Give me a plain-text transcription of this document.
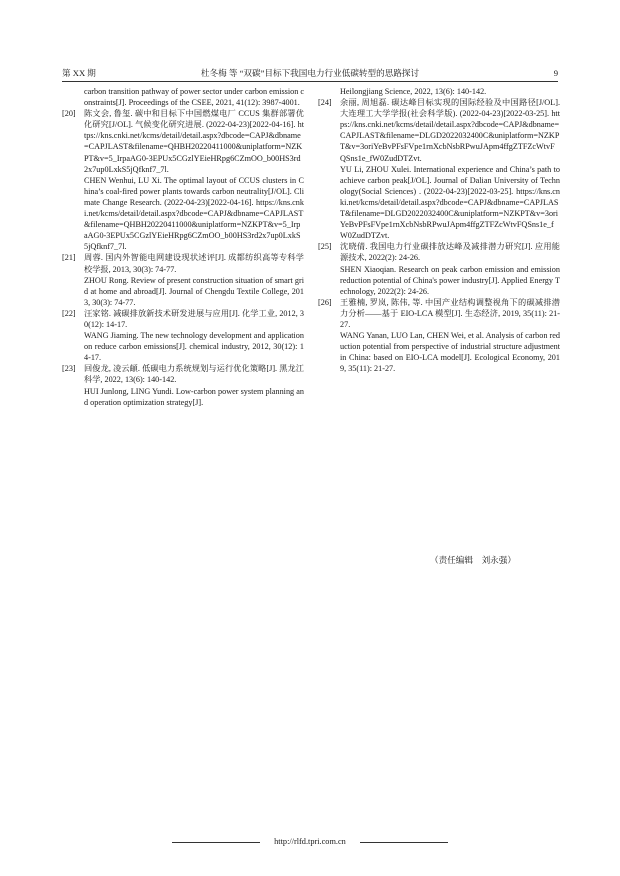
第 XX 期	杜冬梅 等 “双碳”目标下我国电力行业低碳转型的思路探讨	9
carbon transition pathway of power sector under carbon emission constraints[J]. Proceedings of the CSEE, 2021, 41(12): 3987-4001.
[20]	陈文会, 鲁玺. 碳中和目标下中国燃煤电厂 CCUS 集群部署优化研究[J/OL]. 气候变化研究进展. (2022-04-23)[2022-04-16]. https://kns.cnki.net/kcms/detail/detail.aspx?dbcode=CAPJ&dbname=CAPJLAST&filename=QHBH20220411000&uniplatform=NZKPT&v=5_IrpaAG0-3EPUx5CGzlYEieHRpg6CZmOO_b00HS3rd2x7up0LxkS5jQfknf7_7l.
CHEN Wenhui, LU Xi. The optimal layout of CCUS clusters in China’s coal-fired power plants towards carbon neutrality[J/OL]. Climate Change Research. (2022-04-23)[2022-04-16]. https://kns.cnki.net/kcms/detail/detail.aspx?dbcode=CAPJ&dbname=CAPJLAST&filename=QHBH20220411000&uniplatform=NZKPT&v=5_IrpaAG0-3EPUx5CGzlYEieHRpg6CZmOO_b00HS3rd2x7up0LxkS5jQfknf7_7l.
[21]	周蓉. 国内外智能电网建设现状述评[J]. 成都纺织高等专科学校学报, 2013, 30(3): 74-77.
ZHOU Rong. Review of present construction situation of smart grid at home and abroad[J]. Journal of Chengdu Textile College, 2013, 30(3): 74-77.
[22]	汪家铭. 减碳排放新技术研发进展与应用[J]. 化学工业, 2012, 30(12): 14-17.
WANG Jiaming. The new technology development and application on reduce carbon emissions[J]. chemical industry, 2012, 30(12): 14-17.
[23]	回俊龙, 凌云頔. 低碳电力系统规划与运行优化策略[J]. 黑龙江科学, 2022, 13(6): 140-142.
HUI Junlong, LING Yundi. Low-carbon power system planning and operation optimization strategy[J].
Heilongjiang Science, 2022, 13(6): 140-142.
[24]	余丽, 周旭磊. 碳达峰目标实现的国际经验及中国路径[J/OL]. 大连理工大学学报(社会科学版). (2022-04-23)[2022-03-25]. https://kns.cnki.net/kcms/detail/detail.aspx?dbcode=CAPJ&dbname=CAPJLAST&filename=DLGD2022032400C&uniplatform=NZKPT&v=3oriYeBvPFsFVpe1rnXcbNsbRPwuJApm4ffgZTFZcWtvFQSns1e_fW0ZudDTZvt.
YU Li, ZHOU Xulei. International experience and China’s path to achieve carbon peak[J/OL]. Journal of Dalian University of Technology(Social Sciences) . (2022-04-23)[2022-03-25]. https://kns.cnki.net/kcms/detail/detail.aspx?dbcode=CAPJ&dbname=CAPJLAST&filename=DLGD2022032400C&uniplatform=NZKPT&v=3oriYeBvPFsFVpe1rnXcbNsbRPwuJApm4ffgZTFZcWtvFQSns1e_fW0ZudDTZvt.
[25]	沈晓倩. 我国电力行业碳排放达峰及减排潜力研究[J]. 应用能源技术, 2022(2): 24-26.
SHEN Xiaoqian. Research on peak carbon emission and emission reduction potential of China's power industry[J]. Applied Energy Technology, 2022(2): 24-26.
[26]	王雅楠, 罗岚, 陈伟, 等. 中国产业结构调整视角下的碳减排潜力分析——基于 EIO-LCA 模型[J]. 生态经济, 2019, 35(11): 21-27.
WANG Yanan, LUO Lan, CHEN Wei, et al. Analysis of carbon reduction potential from perspective of industrial structure adjustment in China: based on EIO-LCA model[J]. Ecological Economy, 2019, 35(11): 21-27.
（责任编辑　刘永强）
http://rlfd.tpri.com.cn
